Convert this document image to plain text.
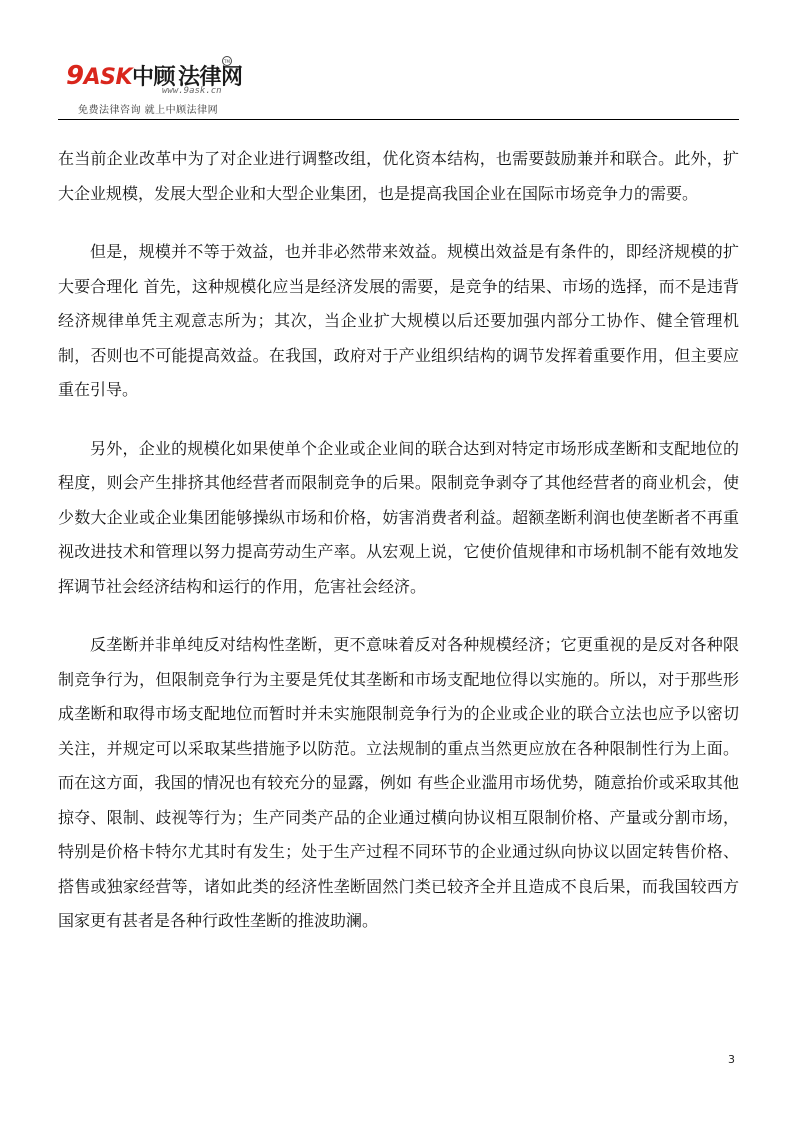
9ASK中顾 法律网
TM
www.9ask.cn
免费法律咨询 就上中顾法律网

在当前企业改革中为了对企业进行调整改组，优化资本结构，也需要鼓励兼并和联合。此外，扩大企业规模，发展大型企业和大型企业集团，也是提高我国企业在国际市场竞争力的需要。

但是，规模并不等于效益，也并非必然带来效益。规模出效益是有条件的，即经济规模的扩大要合理化 首先，这种规模化应当是经济发展的需要，是竞争的结果、市场的选择，而不是违背经济规律单凭主观意志所为；其次，当企业扩大规模以后还要加强内部分工协作、健全管理机制，否则也不可能提高效益。在我国，政府对于产业组织结构的调节发挥着重要作用，但主要应重在引导。

另外，企业的规模化如果使单个企业或企业间的联合达到对特定市场形成垄断和支配地位的程度，则会产生排挤其他经营者而限制竞争的后果。限制竞争剥夺了其他经营者的商业机会，使少数大企业或企业集团能够操纵市场和价格，妨害消费者利益。超额垄断利润也使垄断者不再重视改进技术和管理以努力提高劳动生产率。从宏观上说，它使价值规律和市场机制不能有效地发挥调节社会经济结构和运行的作用，危害社会经济。

反垄断并非单纯反对结构性垄断，更不意味着反对各种规模经济；它更重视的是反对各种限制竞争行为，但限制竞争行为主要是凭仗其垄断和市场支配地位得以实施的。所以，对于那些形成垄断和取得市场支配地位而暂时并未实施限制竞争行为的企业或企业的联合立法也应予以密切关注，并规定可以采取某些措施予以防范。立法规制的重点当然更应放在各种限制性行为上面。而在这方面，我国的情况也有较充分的显露，例如 有些企业滥用市场优势，随意抬价或采取其他掠夺、限制、歧视等行为；生产同类产品的企业通过横向协议相互限制价格、产量或分割市场，特别是价格卡特尔尤其时有发生；处于生产过程不同环节的企业通过纵向协议以固定转售价格、搭售或独家经营等，诸如此类的经济性垄断固然门类已较齐全并且造成不良后果，而我国较西方国家更有甚者是各种行政性垄断的推波助澜。

3
